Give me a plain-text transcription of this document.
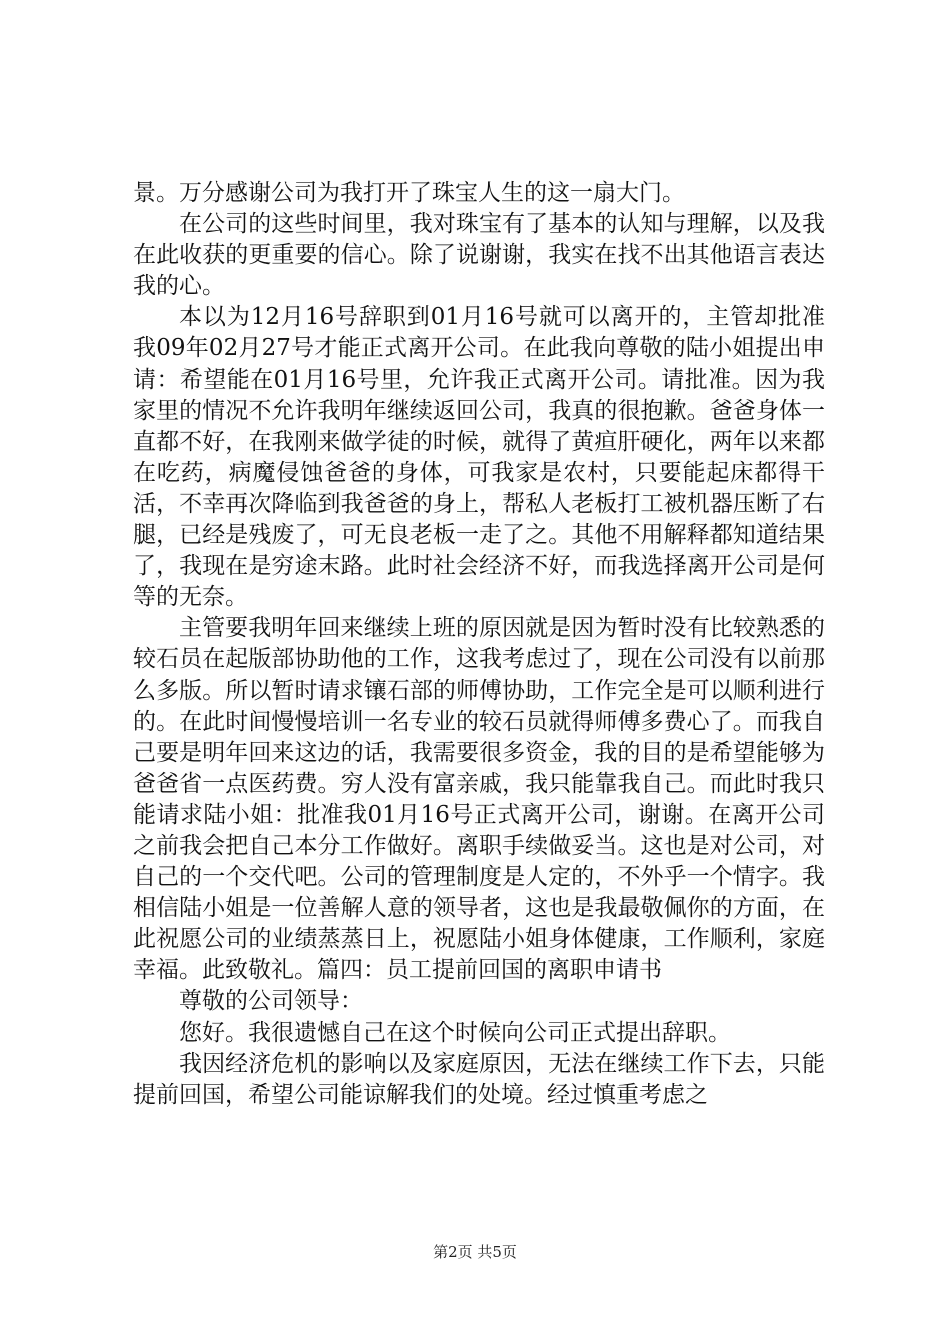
景。万分感谢公司为我打开了珠宝人生的这一扇大门。

在公司的这些时间里，我对珠宝有了基本的认知与理解，以及我在此收获的更重要的信心。除了说谢谢，我实在找不出其他语言表达我的心。

本以为12月16号辞职到01月16号就可以离开的，主管却批准我09年02月27号才能正式离开公司。在此我向尊敬的陆小姐提出申请：希望能在01月16号里，允许我正式离开公司。请批准。因为我家里的情况不允许我明年继续返回公司，我真的很抱歉。爸爸身体一直都不好，在我刚来做学徒的时候，就得了黄疸肝硬化，两年以来都在吃药，病魔侵蚀爸爸的身体，可我家是农村，只要能起床都得干活，不幸再次降临到我爸爸的身上，帮私人老板打工被机器压断了右腿，已经是残废了，可无良老板一走了之。其他不用解释都知道结果了，我现在是穷途末路。此时社会经济不好，而我选择离开公司是何等的无奈。

主管要我明年回来继续上班的原因就是因为暂时没有比较熟悉的较石员在起版部协助他的工作，这我考虑过了，现在公司没有以前那么多版。所以暂时请求镶石部的师傅协助，工作完全是可以顺利进行的。在此时间慢慢培训一名专业的较石员就得师傅多费心了。而我自己要是明年回来这边的话，我需要很多资金，我的目的是希望能够为爸爸省一点医药费。穷人没有富亲戚，我只能靠我自己。而此时我只能请求陆小姐：批准我01月16号正式离开公司，谢谢。在离开公司之前我会把自己本分工作做好。离职手续做妥当。这也是对公司，对自己的一个交代吧。公司的管理制度是人定的，不外乎一个情字。我相信陆小姐是一位善解人意的领导者，这也是我最敬佩你的方面，在此祝愿公司的业绩蒸蒸日上，祝愿陆小姐身体健康，工作顺利，家庭幸福。此致敬礼。篇四：员工提前回国的离职申请书

尊敬的公司领导：

您好。我很遗憾自己在这个时候向公司正式提出辞职。

我因经济危机的影响以及家庭原因，无法在继续工作下去，只能提前回国，希望公司能谅解我们的处境。经过慎重考虑之

第2页 共5页
